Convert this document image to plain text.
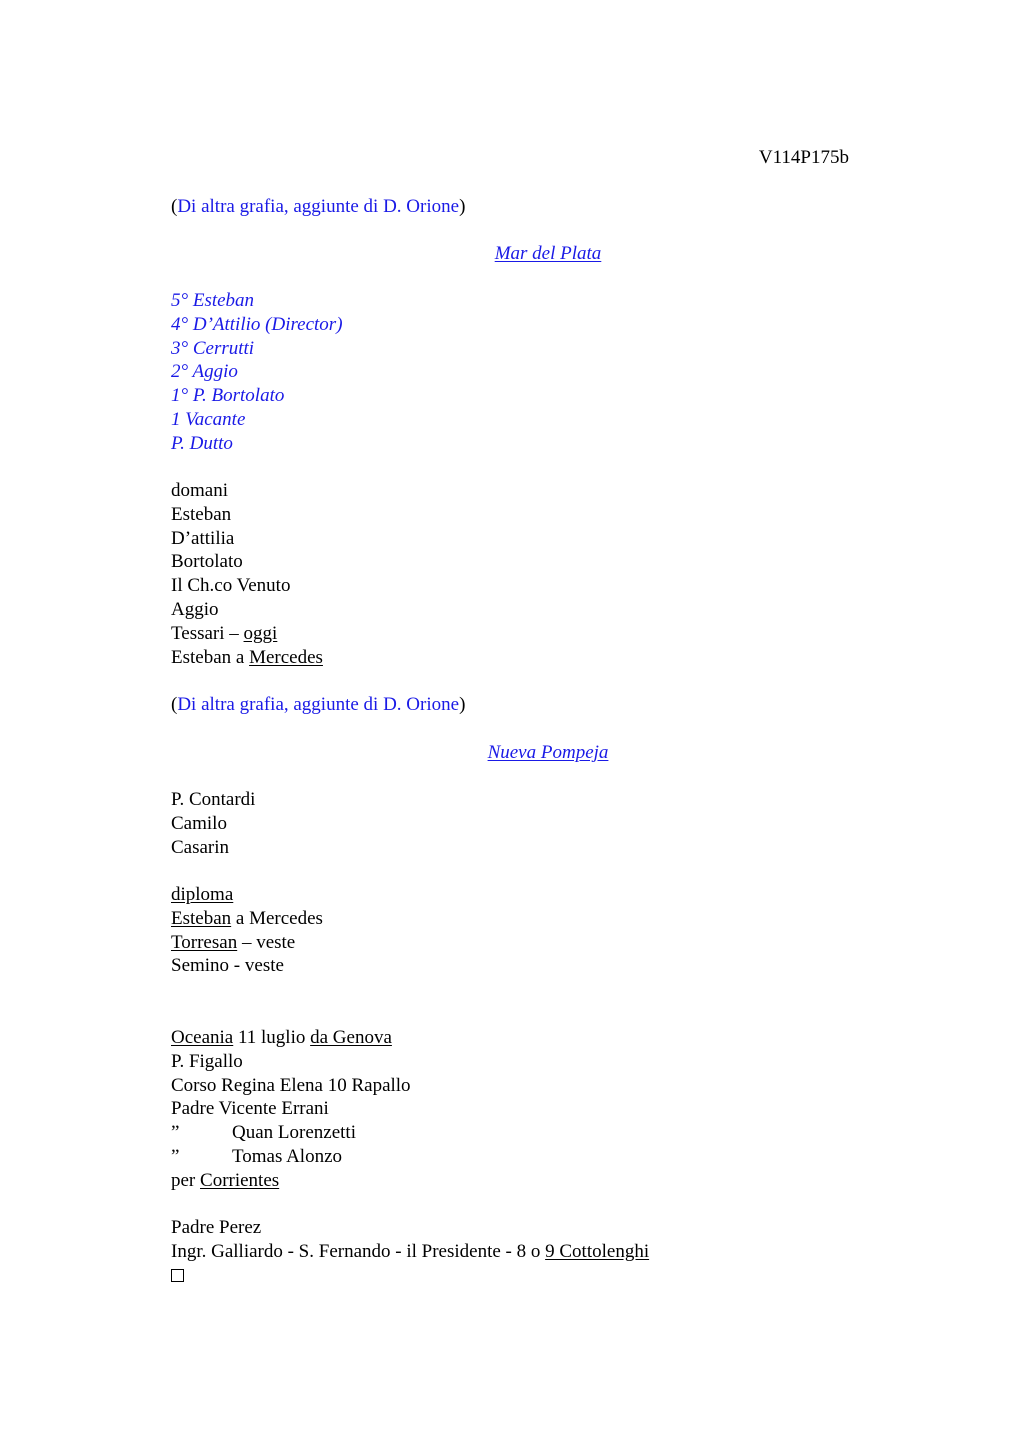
V114P175b
(Di altra grafia, aggiunte di D. Orione)
Mar del Plata
5° Esteban
4° D’Attilio (Director)
3° Cerrutti
2° Aggio
1° P. Bortolato
1 Vacante
P. Dutto
domani
Esteban
D’attilia
Bortolato
Il Ch.co Venuto
Aggio
Tessari – oggi
Esteban a Mercedes
(Di altra grafia, aggiunte di D. Orione)
Nueva Pompeja
P. Contardi
Camilo
Casarin
diploma
Esteban a Mercedes
Torresan – veste
Semino - veste
Oceania 11 luglio da Genova
P. Figallo
Corso Regina Elena 10 Rapallo
Padre Vicente Errani
”	Quan Lorenzetti
”	Tomas Alonzo
per Corrientes
Padre Perez
Ingr. Galliardo - S. Fernando - il Presidente - 8 o 9 Cottolenghi
